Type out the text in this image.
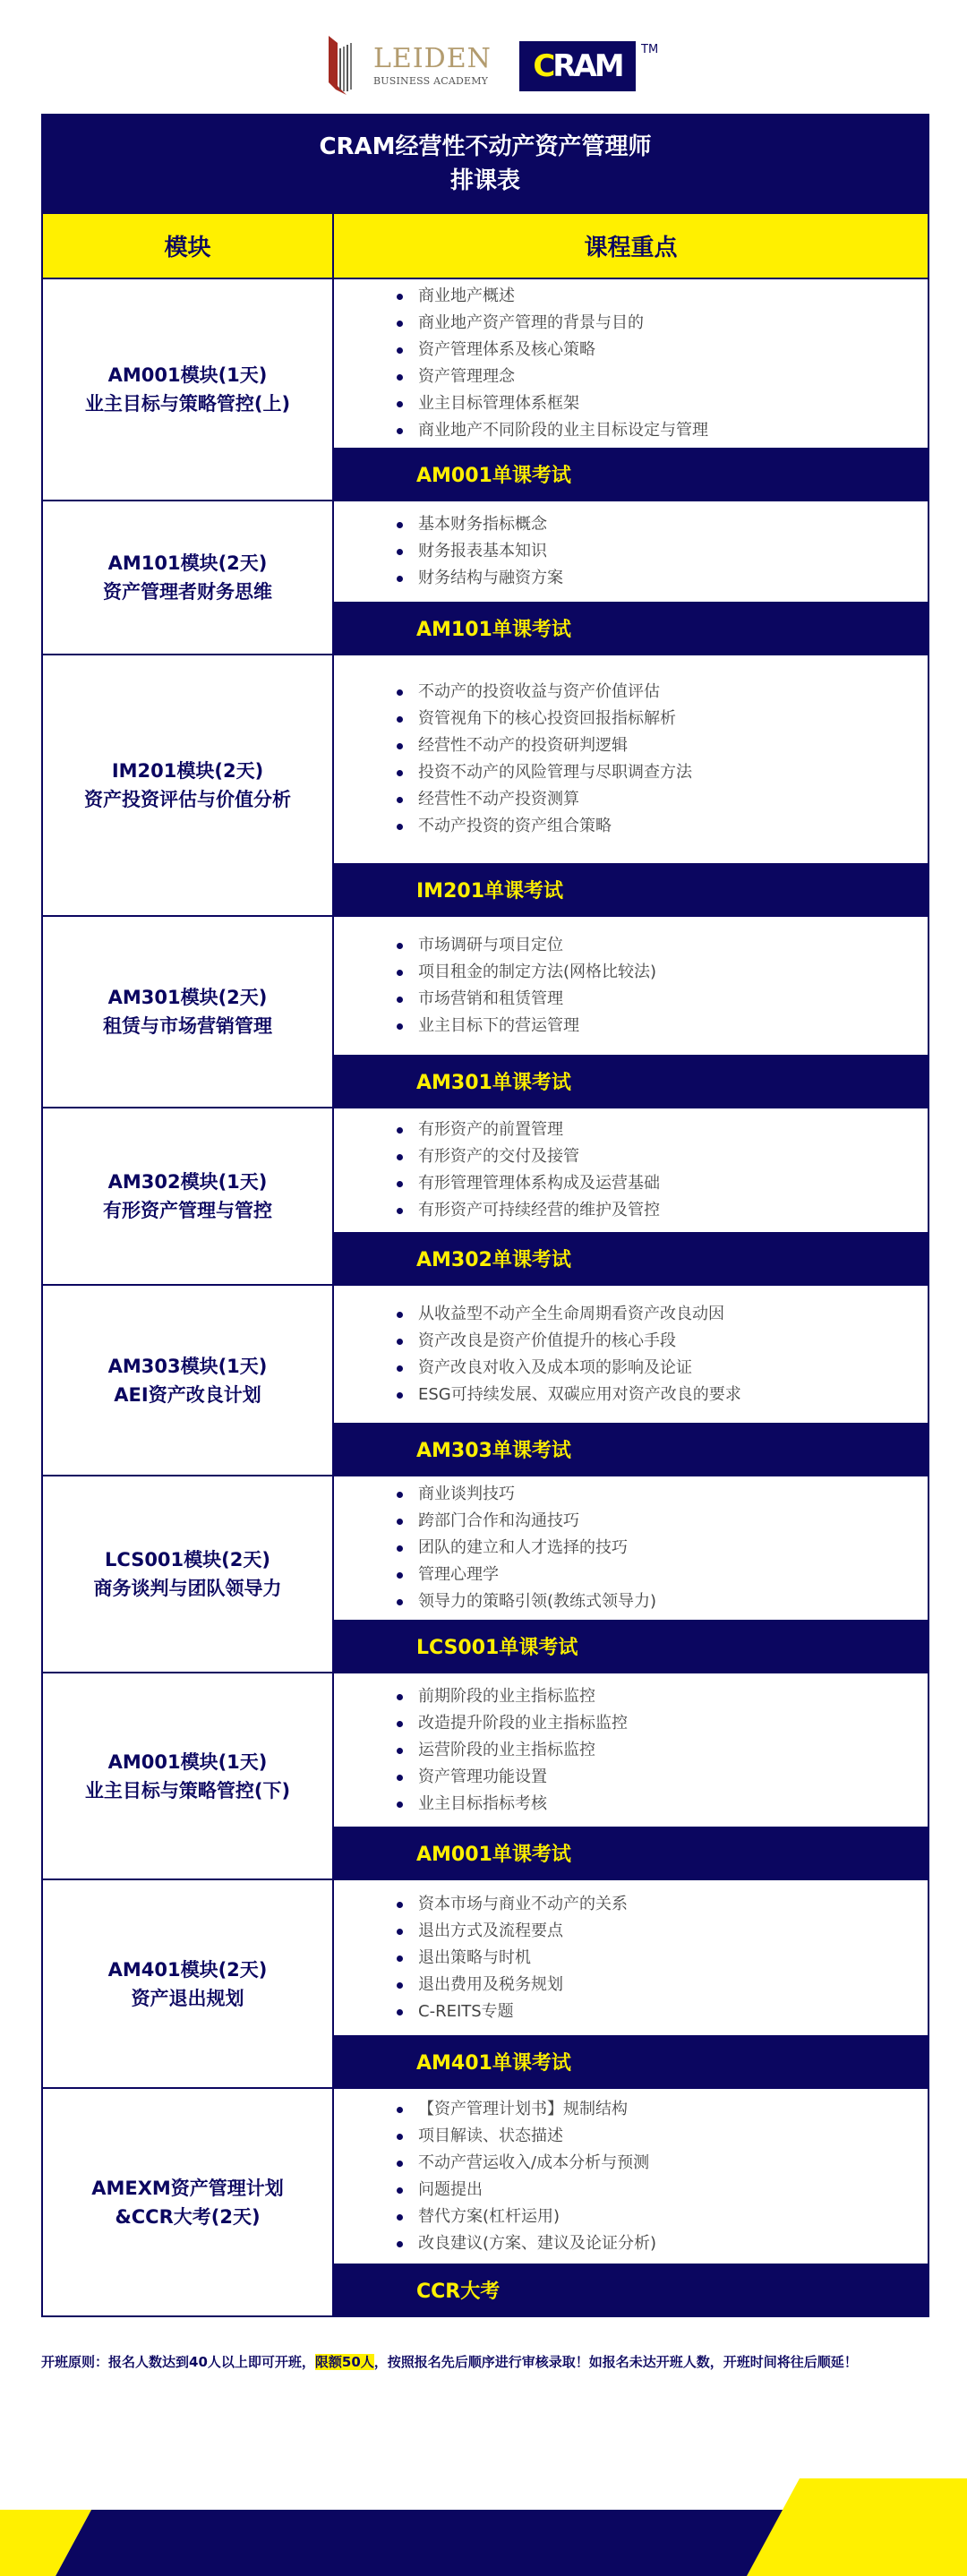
LEIDEN
BUSINESS ACADEMY C R AM TM
CRAM经营性不动产资产管理师
排课表
模块	课程重点
AM001模块(1天)
业主目标与策略管控(上)
商业地产概述
商业地产资产管理的背景与目的
资产管理体系及核心策略
资产管理理念
业主目标管理体系框架
商业地产不同阶段的业主目标设定与管理
AM001单课考试
AM101模块(2天)
资产管理者财务思维
基本财务指标概念
财务报表基本知识
财务结构与融资方案
AM101单课考试
IM201模块(2天)
资产投资评估与价值分析
不动产的投资收益与资产价值评估
资管视角下的核心投资回报指标解析
经营性不动产的投资研判逻辑
投资不动产的风险管理与尽职调查方法
经营性不动产投资测算
不动产投资的资产组合策略
IM201单课考试
AM301模块(2天)
租赁与市场营销管理
市场调研与项目定位
项目租金的制定方法(网格比较法)
市场营销和租赁管理
业主目标下的营运管理
AM301单课考试
AM302模块(1天)
有形资产管理与管控
有形资产的前置管理
有形资产的交付及接管
有形管理管理体系构成及运营基础
有形资产可持续经营的维护及管控
AM302单课考试
AM303模块(1天)
AEI资产改良计划
从收益型不动产全生命周期看资产改良动因
资产改良是资产价值提升的核心手段
资产改良对收入及成本项的影响及论证
ESG可持续发展、双碳应用对资产改良的要求
AM303单课考试
LCS001模块(2天)
商务谈判与团队领导力
商业谈判技巧
跨部门合作和沟通技巧
团队的建立和人才选择的技巧
管理心理学
领导力的策略引领(教练式领导力)
LCS001单课考试
AM001模块(1天)
业主目标与策略管控(下)
前期阶段的业主指标监控
改造提升阶段的业主指标监控
运营阶段的业主指标监控
资产管理功能设置
业主目标指标考核
AM001单课考试
AM401模块(2天)
资产退出规划
资本市场与商业不动产的关系
退出方式及流程要点
退出策略与时机
退出费用及税务规划
C-REITS专题
AM401单课考试
AMEXM资产管理计划
&CCR大考(2天)
【资产管理计划书】规制结构
项目解读、状态描述
不动产营运收入/成本分析与预测
问题提出
替代方案(杠杆运用)
改良建议(方案、建议及论证分析)
CCR大考
开班原则：报名人数达到40人以上即可开班，限额50人，按照报名先后顺序进行审核录取！如报名未达开班人数，开班时间将往后顺延！
